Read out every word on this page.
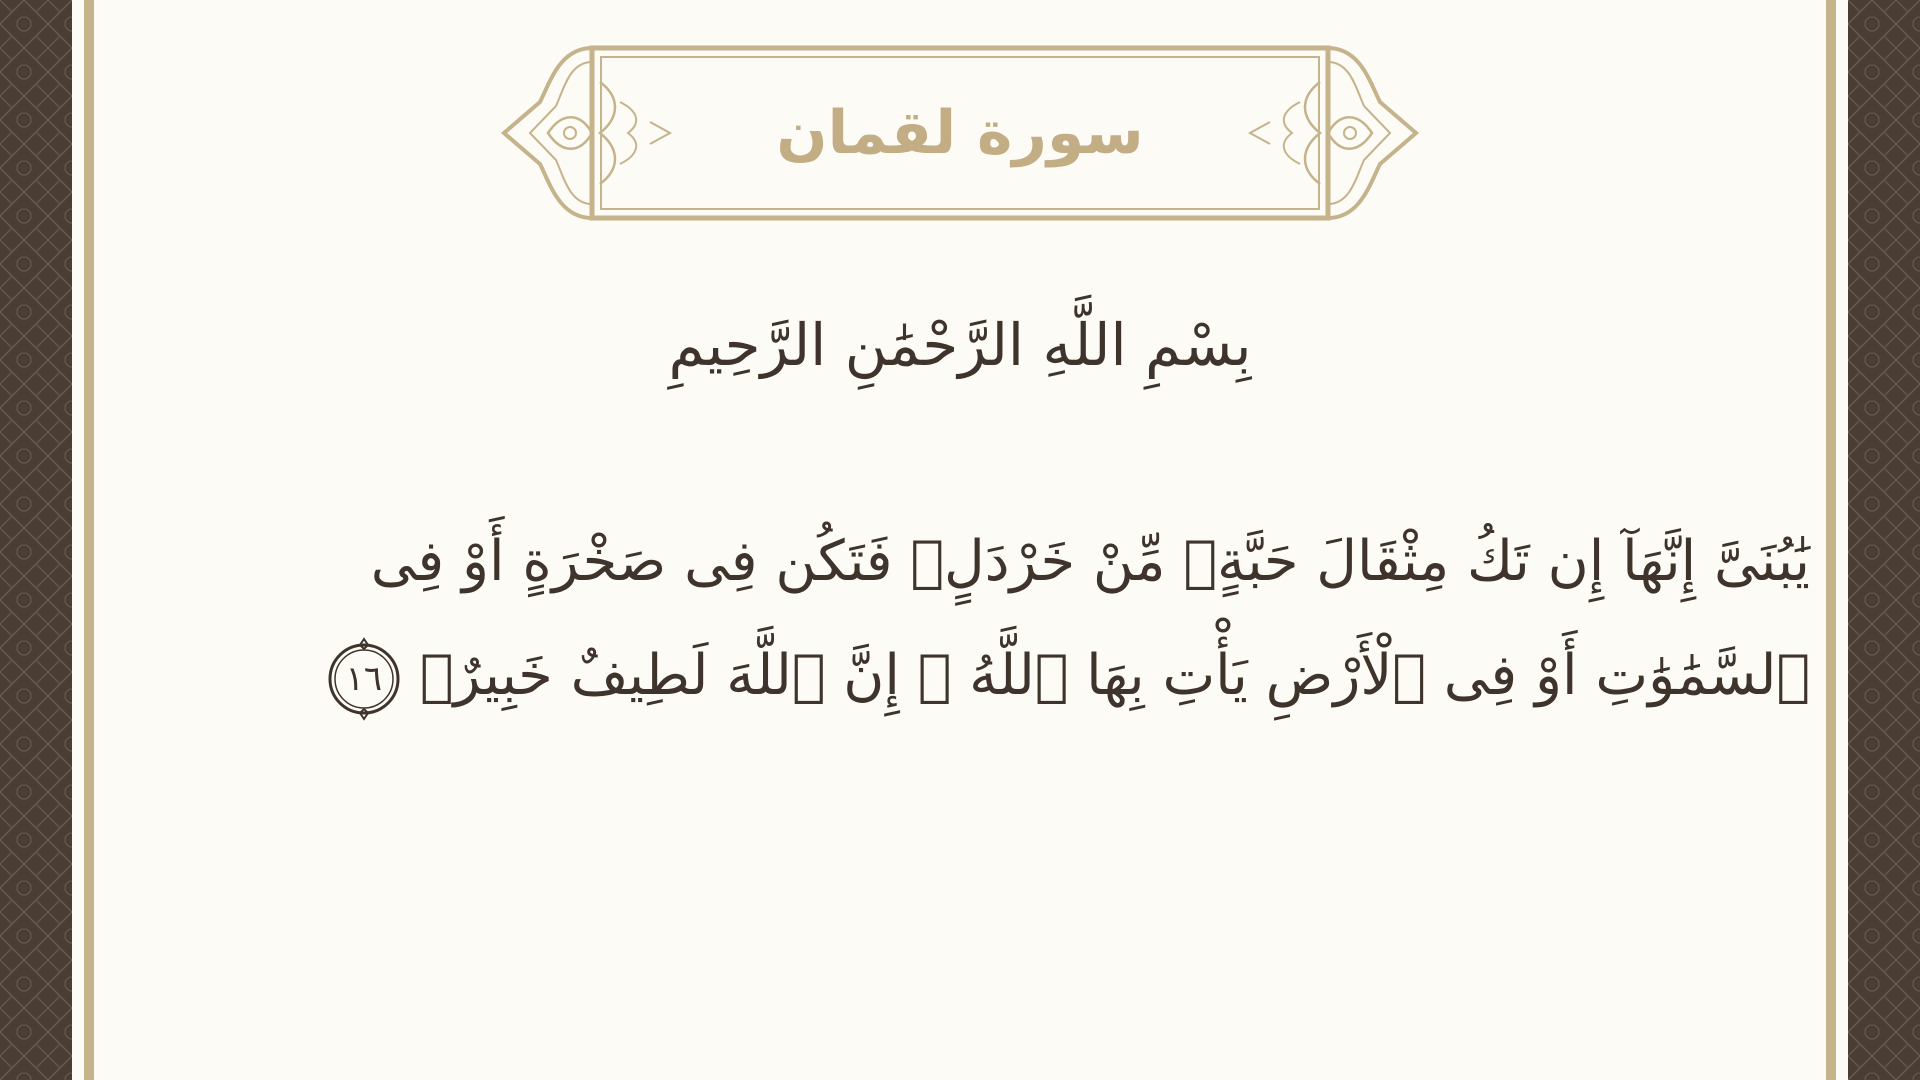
سورة لقمان
بِسْمِ اللَّهِ الرَّحْمَٰنِ الرَّحِيمِ
يَٰبُنَىَّ إِنَّهَآ إِن تَكُ مِثْقَالَ حَبَّةٍۢ مِّنْ خَرْدَلٍۢ فَتَكُن فِى صَخْرَةٍ أَوْ فِى ٱلسَّمَٰوَٰتِ أَوْ فِى ٱلْأَرْضِ يَأْتِ بِهَا ٱللَّهُ ۚ إِنَّ ٱللَّهَ لَطِيفٌ خَبِيرٌۭ
١٦
